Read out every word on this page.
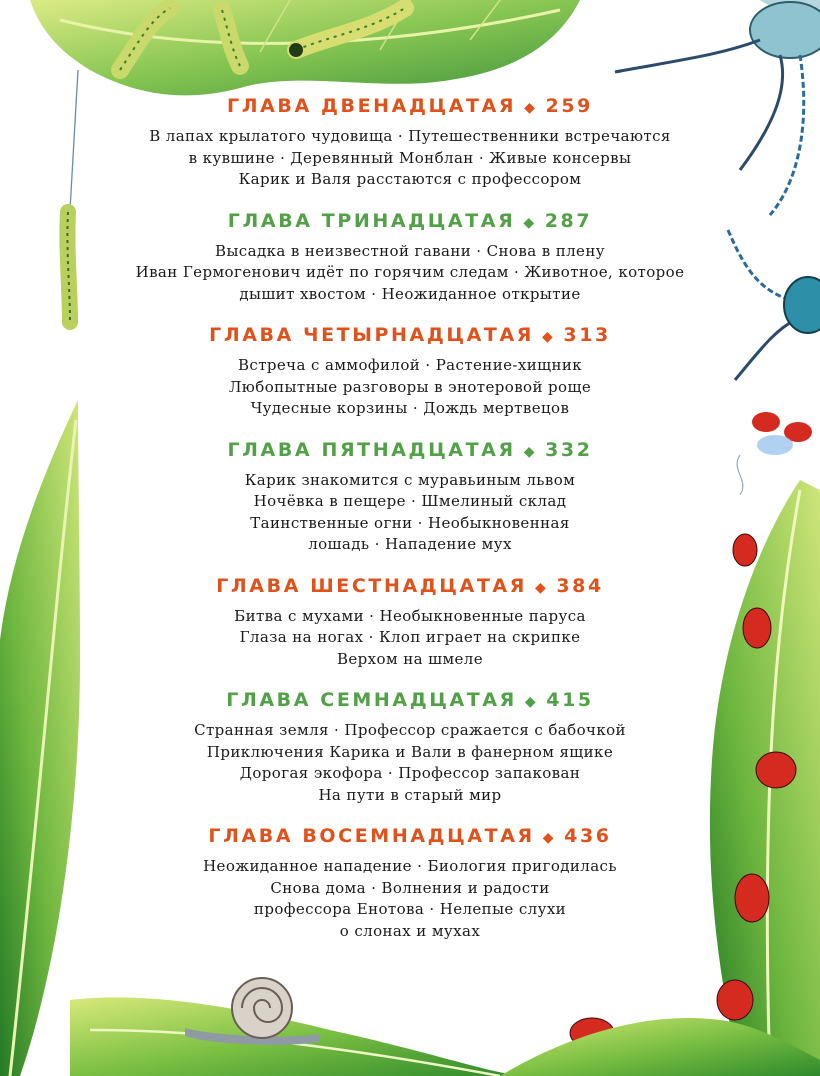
ГЛАВА ДВЕНАДЦАТАЯ ◆ 259
В лапах крылатого чудовища · Путешественники встречаются
в кувшине · Деревянный Монблан · Живые консервы
Карик и Валя расстаются с профессором
ГЛАВА ТРИНАДЦАТАЯ ◆ 287
Высадка в неизвестной гавани · Снова в плену
Иван Гермогенович идёт по горячим следам · Животное, которое
дышит хвостом · Неожиданное открытие
ГЛАВА ЧЕТЫРНАДЦАТАЯ ◆ 313
Встреча с аммофилой · Растение-хищник
Любопытные разговоры в энотеровой роще
Чудесные корзины · Дождь мертвецов
ГЛАВА ПЯТНАДЦАТАЯ ◆ 332
Карик знакомится с муравьиным львом
Ночёвка в пещере · Шмелиный склад
Таинственные огни · Необыкновенная
лошадь · Нападение мух
ГЛАВА ШЕСТНАДЦАТАЯ ◆ 384
Битва с мухами · Необыкновенные паруса
Глаза на ногах · Клоп играет на скрипке
Верхом на шмеле
ГЛАВА СЕМНАДЦАТАЯ ◆ 415
Странная земля · Профессор сражается с бабочкой
Приключения Карика и Вали в фанерном ящике
Дорогая экофора · Профессор запакован
На пути в старый мир
ГЛАВА ВОСЕМНАДЦАТАЯ ◆ 436
Неожиданное нападение · Биология пригодилась
Снова дома · Волнения и радости
профессора Енотова · Нелепые слухи
о слонах и мухах
